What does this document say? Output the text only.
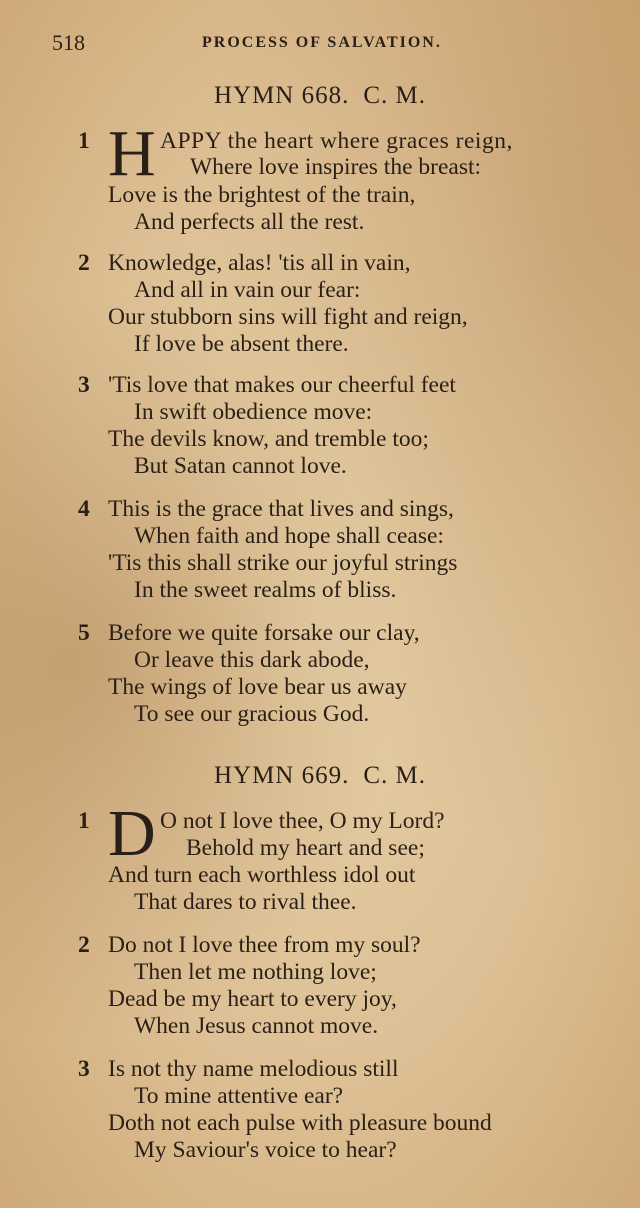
518	PROCESS OF SALVATION.
HYMN 668. C. M.
1 H APPY the heart where graces reign,
Where love inspires the breast:
Love is the brightest of the train,
And perfects all the rest.
2 Knowledge, alas! 'tis all in vain,
And all in vain our fear:
Our stubborn sins will fight and reign,
If love be absent there.
3 'Tis love that makes our cheerful feet
In swift obedience move:
The devils know, and tremble too;
But Satan cannot love.
4 This is the grace that lives and sings,
When faith and hope shall cease:
'Tis this shall strike our joyful strings
In the sweet realms of bliss.
5 Before we quite forsake our clay,
Or leave this dark abode,
The wings of love bear us away
To see our gracious God.
HYMN 669. C. M.
1 D O not I love thee, O my Lord?
Behold my heart and see;
And turn each worthless idol out
That dares to rival thee.
2 Do not I love thee from my soul?
Then let me nothing love;
Dead be my heart to every joy,
When Jesus cannot move.
3 Is not thy name melodious still
To mine attentive ear?
Doth not each pulse with pleasure bound
My Saviour's voice to hear?
